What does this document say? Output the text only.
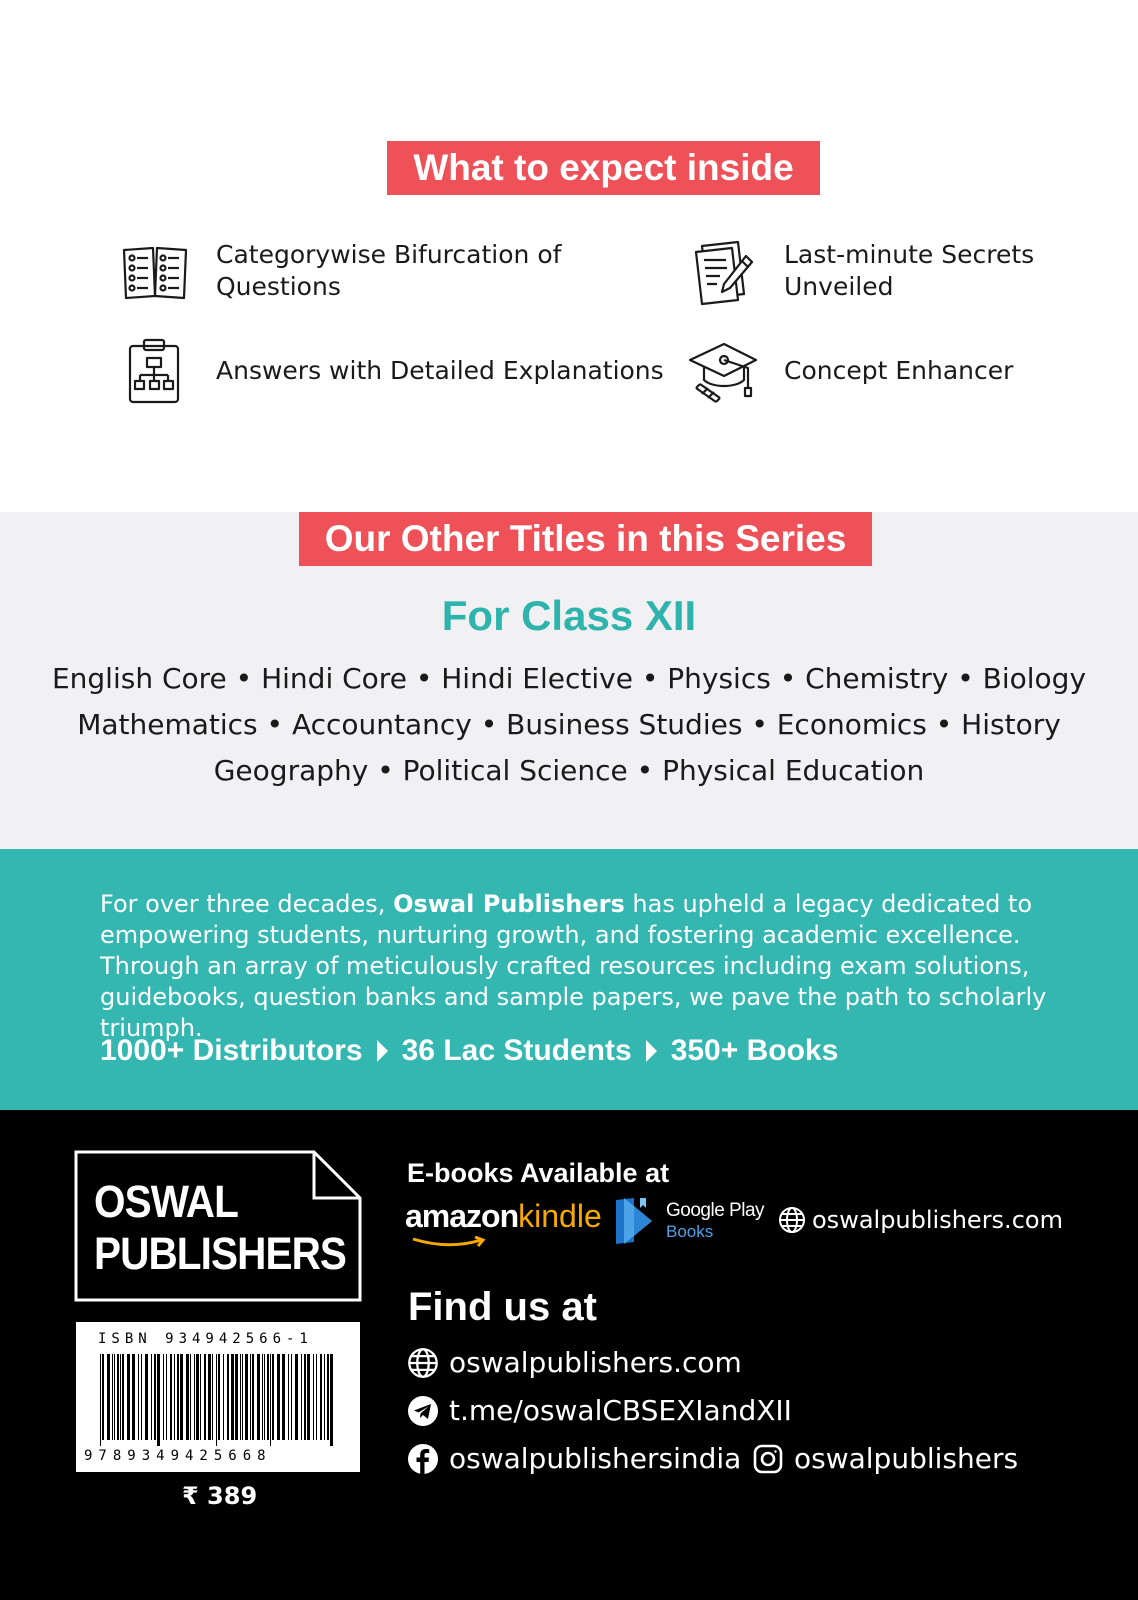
What to expect inside
Categorywise Bifurcation of Questions
Answers with Detailed Explanations
Last-minute Secrets Unveiled
Concept Enhancer
Our Other Titles in this Series
For Class XII
English Core • Hindi Core • Hindi Elective • Physics • Chemistry • Biology
Mathematics • Accountancy • Business Studies • Economics • History
Geography • Political Science • Physical Education

For over three decades, Oswal Publishers has upheld a legacy dedicated to empowering students, nurturing growth, and fostering academic excellence. Through an array of meticulously crafted resources including exam solutions, guidebooks, question banks and sample papers, we pave the path to scholarly triumph.

1000+ Distributors 36 Lac Students 350+ Books
OSWAL
PUBLISHERS
ISBN 934942566-1
9789349425668
₹ 389
E-books Available at
amazonkindle	Google Play
Books	oswalpublishers.com
Find us at
oswalpublishers.com
t.me/oswalCBSEXIandXII
oswalpublishersindia oswalpublishers
